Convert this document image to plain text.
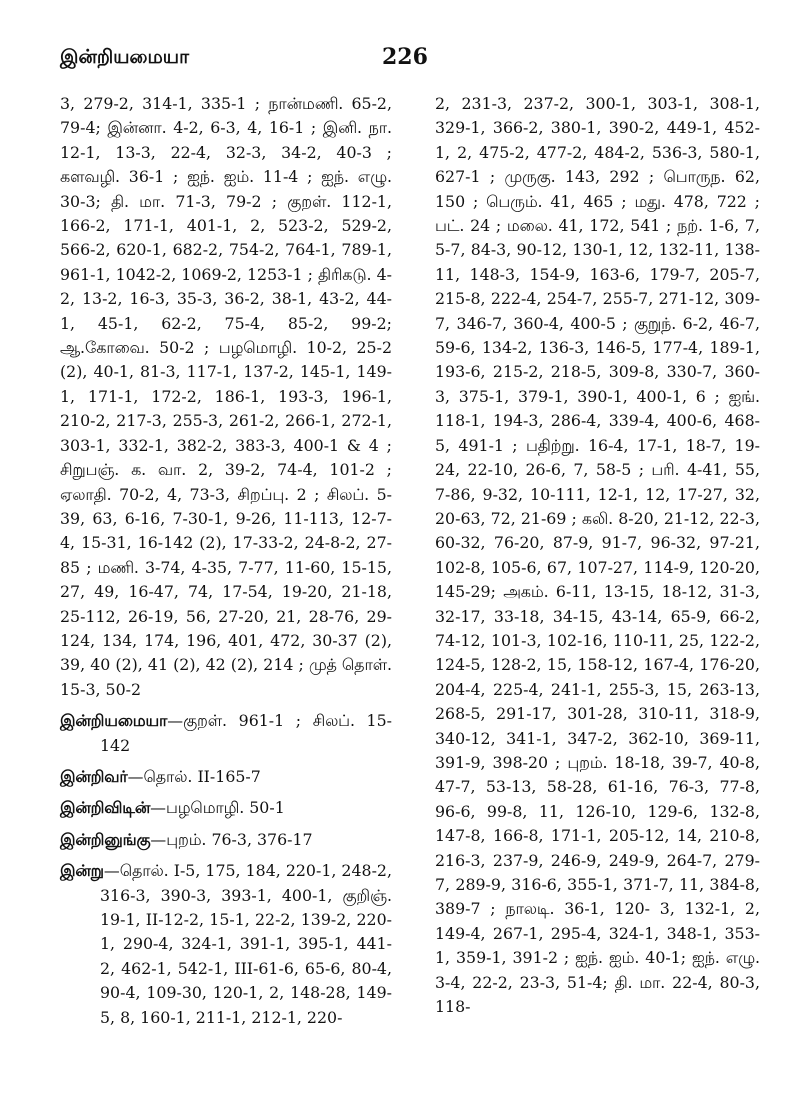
இன்றியமையா	226

3, 279-2, 314-1, 335-1 ; நான்மணி. 65-2, 79-4; இன்னா. 4-2, 6-3, 4, 16-1 ; இனி. நா. 12-1, 13-3, 22-4, 32-3, 34-2, 40-3 ; களவழி. 36-1 ; ஐந். ஐம். 11-4 ; ஐந். எழு. 30-3; தி. மா. 71-3, 79-2 ; குறள். 112-1, 166-2, 171-1, 401-1, 2, 523-2, 529-2, 566-2, 620-1, 682-2, 754-2, 764-1, 789-1, 961-1, 1042-2, 1069-2, 1253-1 ; திரிகடு. 4-2, 13-2, 16-3, 35-3, 36-2, 38-1, 43-2, 44-1, 45-1, 62-2, 75-4, 85-2, 99-2; ஆ.கோவை. 50-2 ; பழமொழி. 10-2, 25-2 (2), 40-1, 81-3, 117-1, 137-2, 145-1, 149-1, 171-1, 172-2, 186-1, 193-3, 196-1, 210-2, 217-3, 255-3, 261-2, 266-1, 272-1, 303-1, 332-1, 382-2, 383-3, 400-1 & 4 ; சிறுபஞ். க. வா. 2, 39-2, 74-4, 101-2 ; ஏலாதி. 70-2, 4, 73-3, சிறப்பு. 2 ; சிலப். 5-39, 63, 6-16, 7-30-1, 9-26, 11-113, 12-7-4, 15-31, 16-142 (2), 17-33-2, 24-8-2, 27-85 ; மணி. 3-74, 4-35, 7-77, 11-60, 15-15, 27, 49, 16-47, 74, 17-54, 19-20, 21-18, 25-112, 26-19, 56, 27-20, 21, 28-76, 29-124, 134, 174, 196, 401, 472, 30-37 (2), 39, 40 (2), 41 (2), 42 (2), 214 ; முத் தொள். 15-3, 50-2

இன்றியமையா—குறள். 961-1 ; சிலப். 15-142

இன்றிவர்—தொல். II-165-7

இன்றிவிடின்—பழமொழி. 50-1

இன்றினுங்கு—புறம். 76-3, 376-17

இன்று—தொல். I-5, 175, 184, 220-1, 248-2, 316-3, 390-3, 393-1, 400-1, குறிஞ். 19-1, II-12-2, 15-1, 22-2, 139-2, 220-1, 290-4, 324-1, 391-1, 395-1, 441-2, 462-1, 542-1, III-61-6, 65-6, 80-4, 90-4, 109-30, 120-1, 2, 148-28, 149-5, 8, 160-1, 211-1, 212-1, 220-

2, 231-3, 237-2, 300-1, 303-1, 308-1, 329-1, 366-2, 380-1, 390-2, 449-1, 452-1, 2, 475-2, 477-2, 484-2, 536-3, 580-1, 627-1 ; முருகு. 143, 292 ; பொருந. 62, 150 ; பெரும். 41, 465 ; மது. 478, 722 ; பட். 24 ; மலை. 41, 172, 541 ; நற். 1-6, 7, 5-7, 84-3, 90-12, 130-1, 12, 132-11, 138-11, 148-3, 154-9, 163-6, 179-7, 205-7, 215-8, 222-4, 254-7, 255-7, 271-12, 309-7, 346-7, 360-4, 400-5 ; குறுந். 6-2, 46-7, 59-6, 134-2, 136-3, 146-5, 177-4, 189-1, 193-6, 215-2, 218-5, 309-8, 330-7, 360-3, 375-1, 379-1, 390-1, 400-1, 6 ; ஐங். 118-1, 194-3, 286-4, 339-4, 400-6, 468-5, 491-1 ; பதிற்று. 16-4, 17-1, 18-7, 19-24, 22-10, 26-6, 7, 58-5 ; பரி. 4-41, 55, 7-86, 9-32, 10-111, 12-1, 12, 17-27, 32, 20-63, 72, 21-69 ; கலி. 8-20, 21-12, 22-3, 60-32, 76-20, 87-9, 91-7, 96-32, 97-21, 102-8, 105-6, 67, 107-27, 114-9, 120-20, 145-29; அகம். 6-11, 13-15, 18-12, 31-3, 32-17, 33-18, 34-15, 43-14, 65-9, 66-2, 74-12, 101-3, 102-16, 110-11, 25, 122-2, 124-5, 128-2, 15, 158-12, 167-4, 176-20, 204-4, 225-4, 241-1, 255-3, 15, 263-13, 268-5, 291-17, 301-28, 310-11, 318-9, 340-12, 341-1, 347-2, 362-10, 369-11, 391-9, 398-20 ; புறம். 18-18, 39-7, 40-8, 47-7, 53-13, 58-28, 61-16, 76-3, 77-8, 96-6, 99-8, 11, 126-10, 129-6, 132-8, 147-8, 166-8, 171-1, 205-12, 14, 210-8, 216-3, 237-9, 246-9, 249-9, 264-7, 279-7, 289-9, 316-6, 355-1, 371-7, 11, 384-8, 389-7 ; நாலடி. 36-1, 120- 3, 132-1, 2, 149-4, 267-1, 295-4, 324-1, 348-1, 353-1, 359-1, 391-2 ; ஐந். ஐம். 40-1; ஐந். எழு. 3-4, 22-2, 23-3, 51-4; தி. மா. 22-4, 80-3, 118-
